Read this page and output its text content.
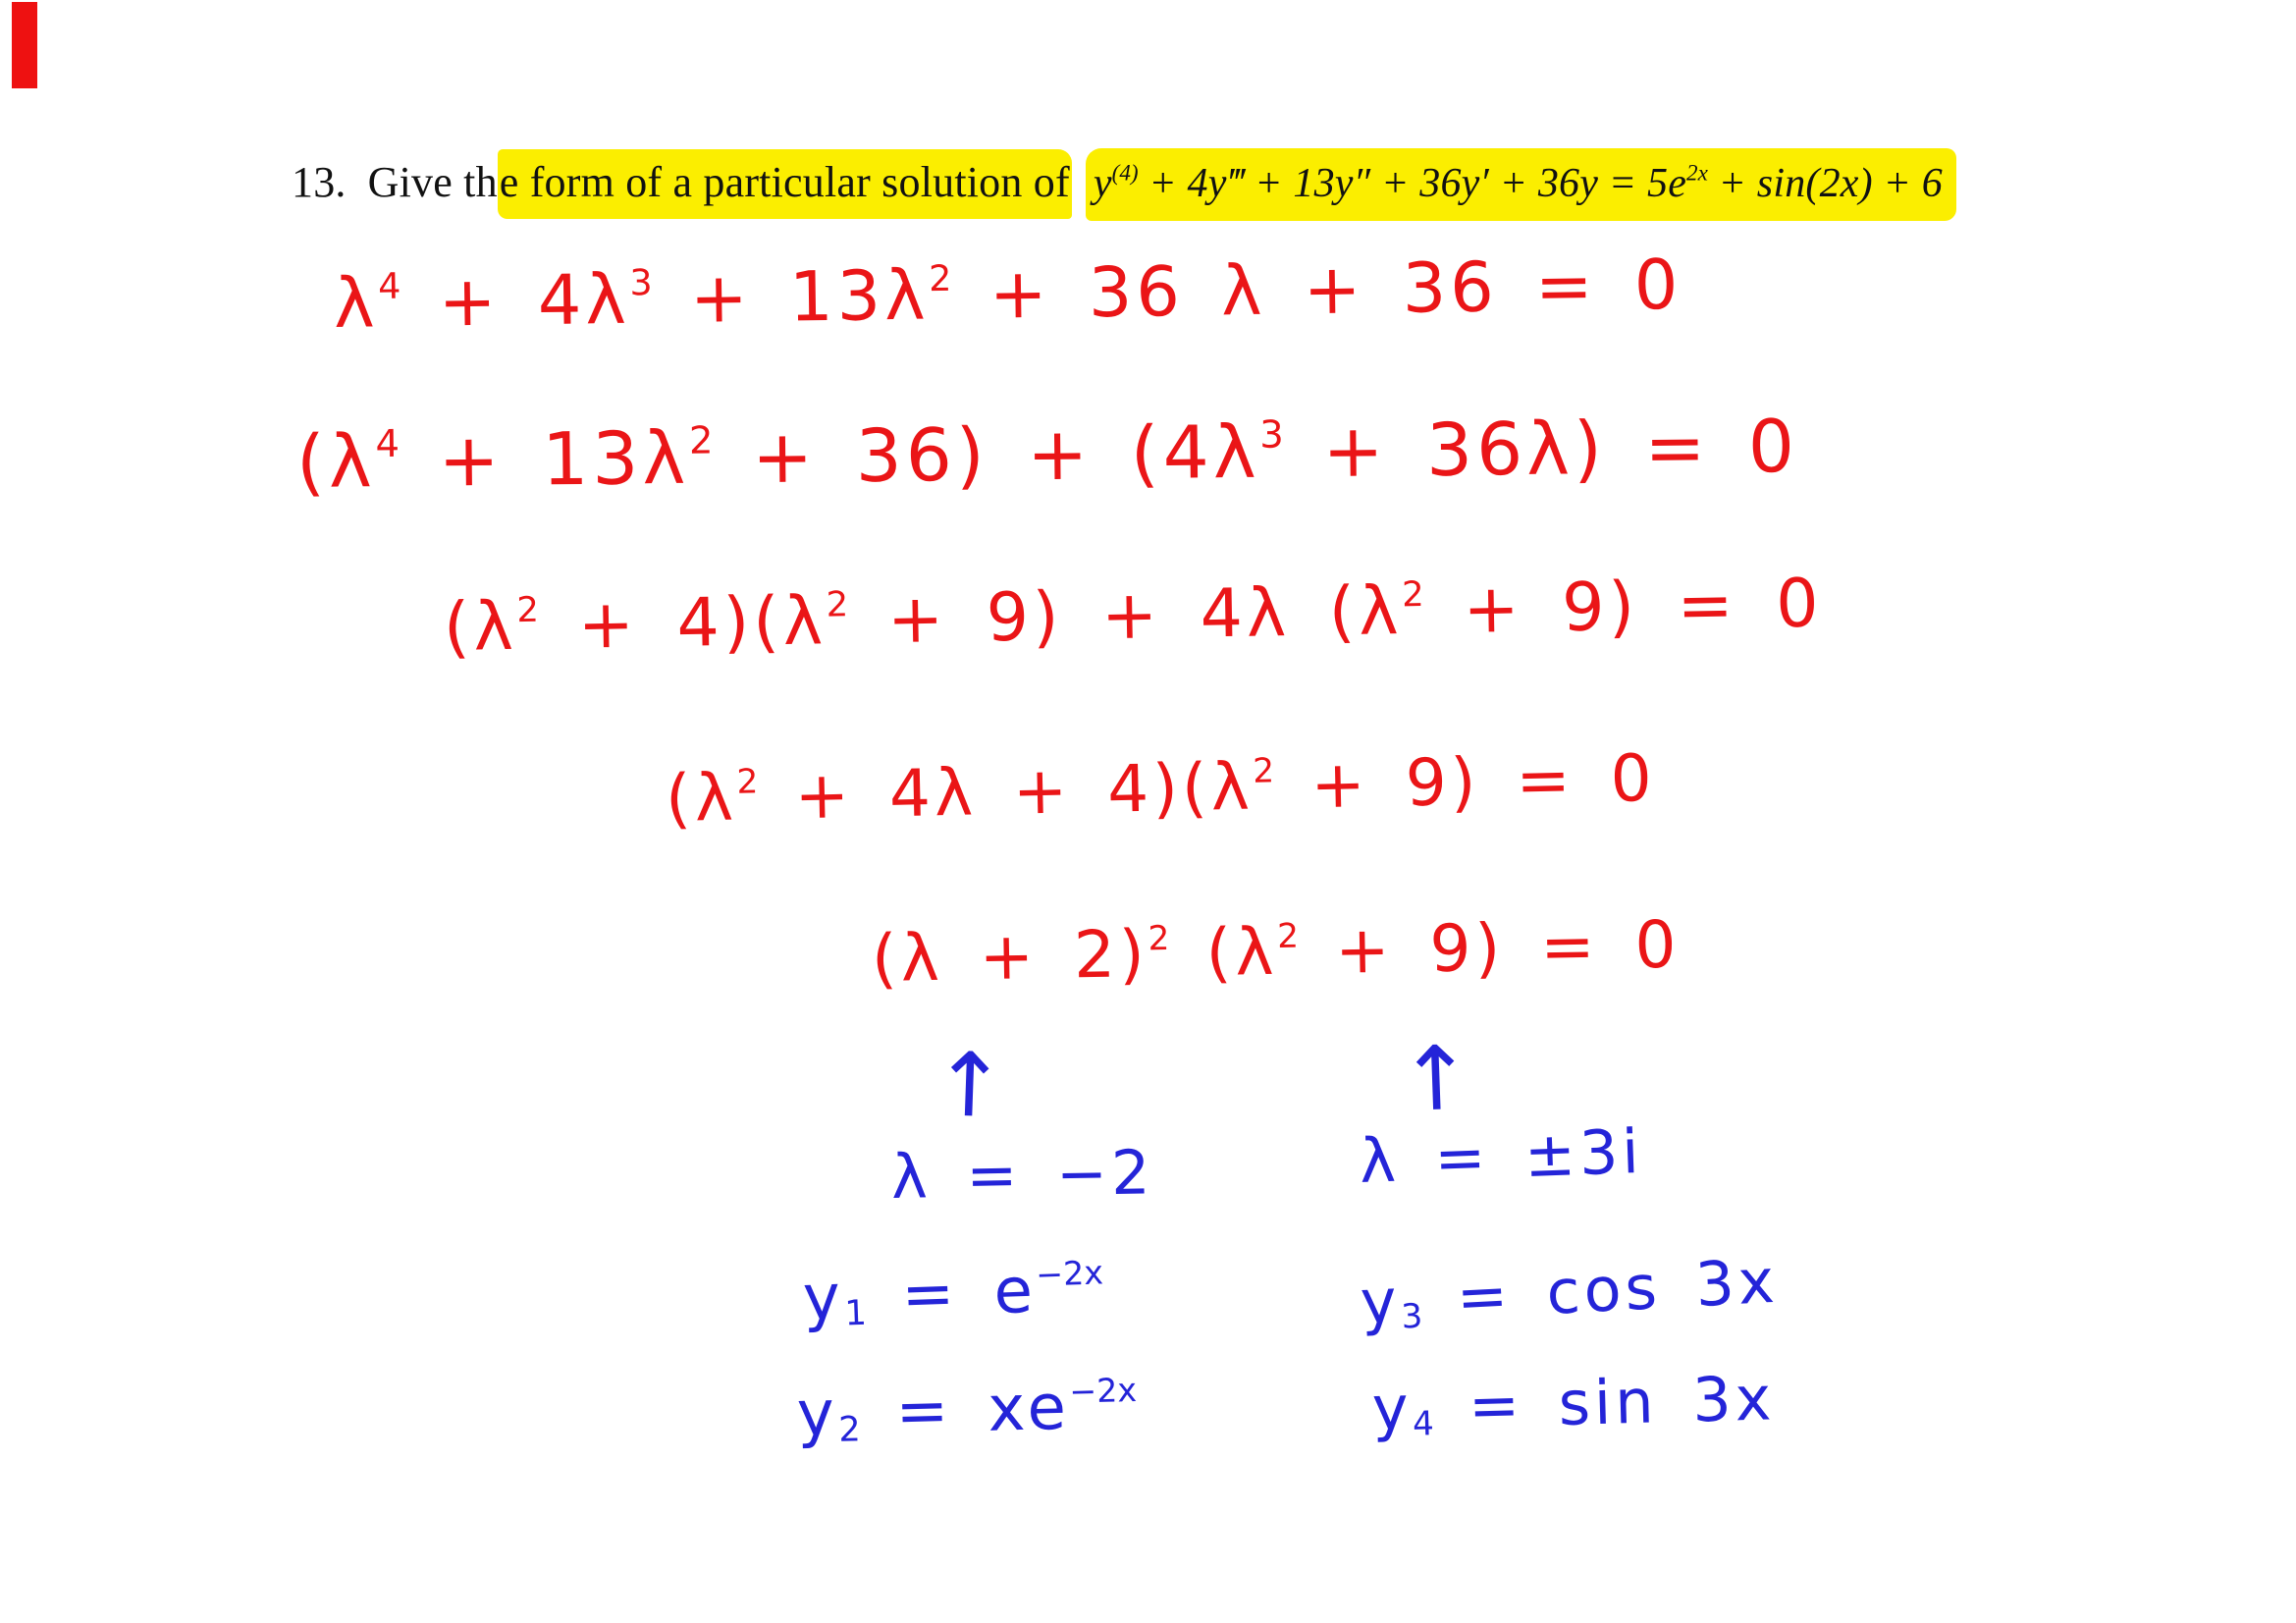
13. Give the form of a particular solution of $y^{(4)}$ + 4y‴ + $13y'' + 36y' + 36y = 5e^{2x} + \sin(2x) + 6$
$\lambda^4 + 4\lambda^3 + 13\lambda^2 + 36$ λ + 36 = 0
$(\lambda^4 + 13\lambda^2 + 36) + (4\lambda^3 + 36\lambda) = 0$
$(\lambda^2 + 4)(\lambda^2 + 9) + 4\lambda$ $(\lambda^2 + 9) = 0$
$(\lambda^2 + 4\lambda + 4)(\lambda^2 + 9) = 0$
$(\lambda + 2)^2$ $(\lambda^2 + 9) = 0$
↑	↑
λ = −2	λ = ±3i
$y1 = e^{-2x}$
$y2 = xe^{-2x}$
$y_3 = \cos 3x$
$y_4 = \sin 3x$
